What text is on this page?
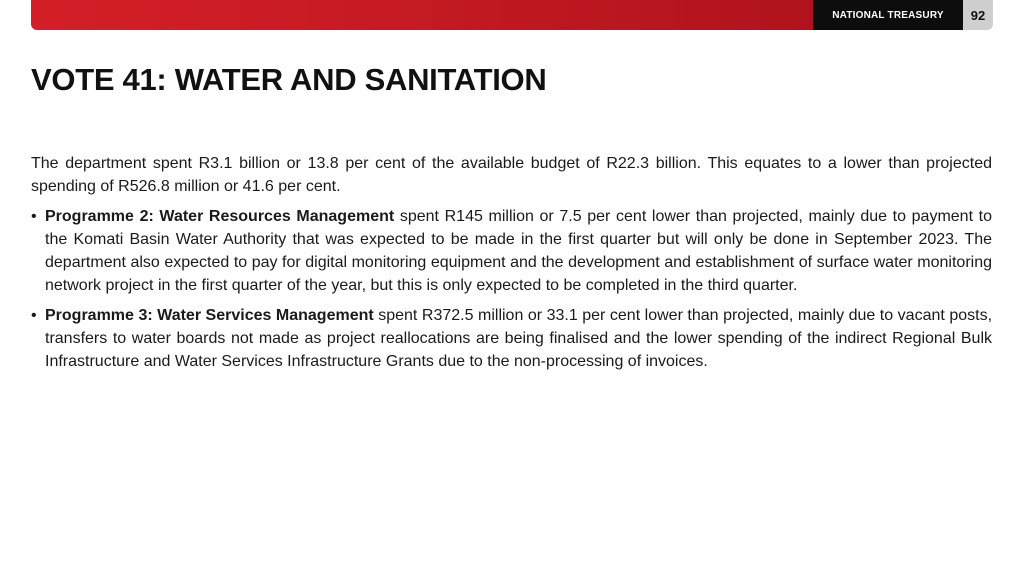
NATIONAL TREASURY	92
VOTE 41: WATER AND SANITATION

The department spent R3.1 billion or 13.8 per cent of the available budget of R22.3 billion. This equates to a lower than projected spending of R526.8 million or 41.6 per cent.

• Programme 2: Water Resources Management spent R145 million or 7.5 per cent lower than projected, mainly due to payment to the Komati Basin Water Authority that was expected to be made in the first quarter but will only be done in September 2023. The department also expected to pay for digital monitoring equipment and the development and establishment of surface water monitoring network project in the first quarter of the year, but this is only expected to be completed in the third quarter.
• Programme 3: Water Services Management spent R372.5 million or 33.1 per cent lower than projected, mainly due to vacant posts, transfers to water boards not made as project reallocations are being finalised and the lower spending of the indirect Regional Bulk Infrastructure and Water Services Infrastructure Grants due to the non-processing of invoices.
